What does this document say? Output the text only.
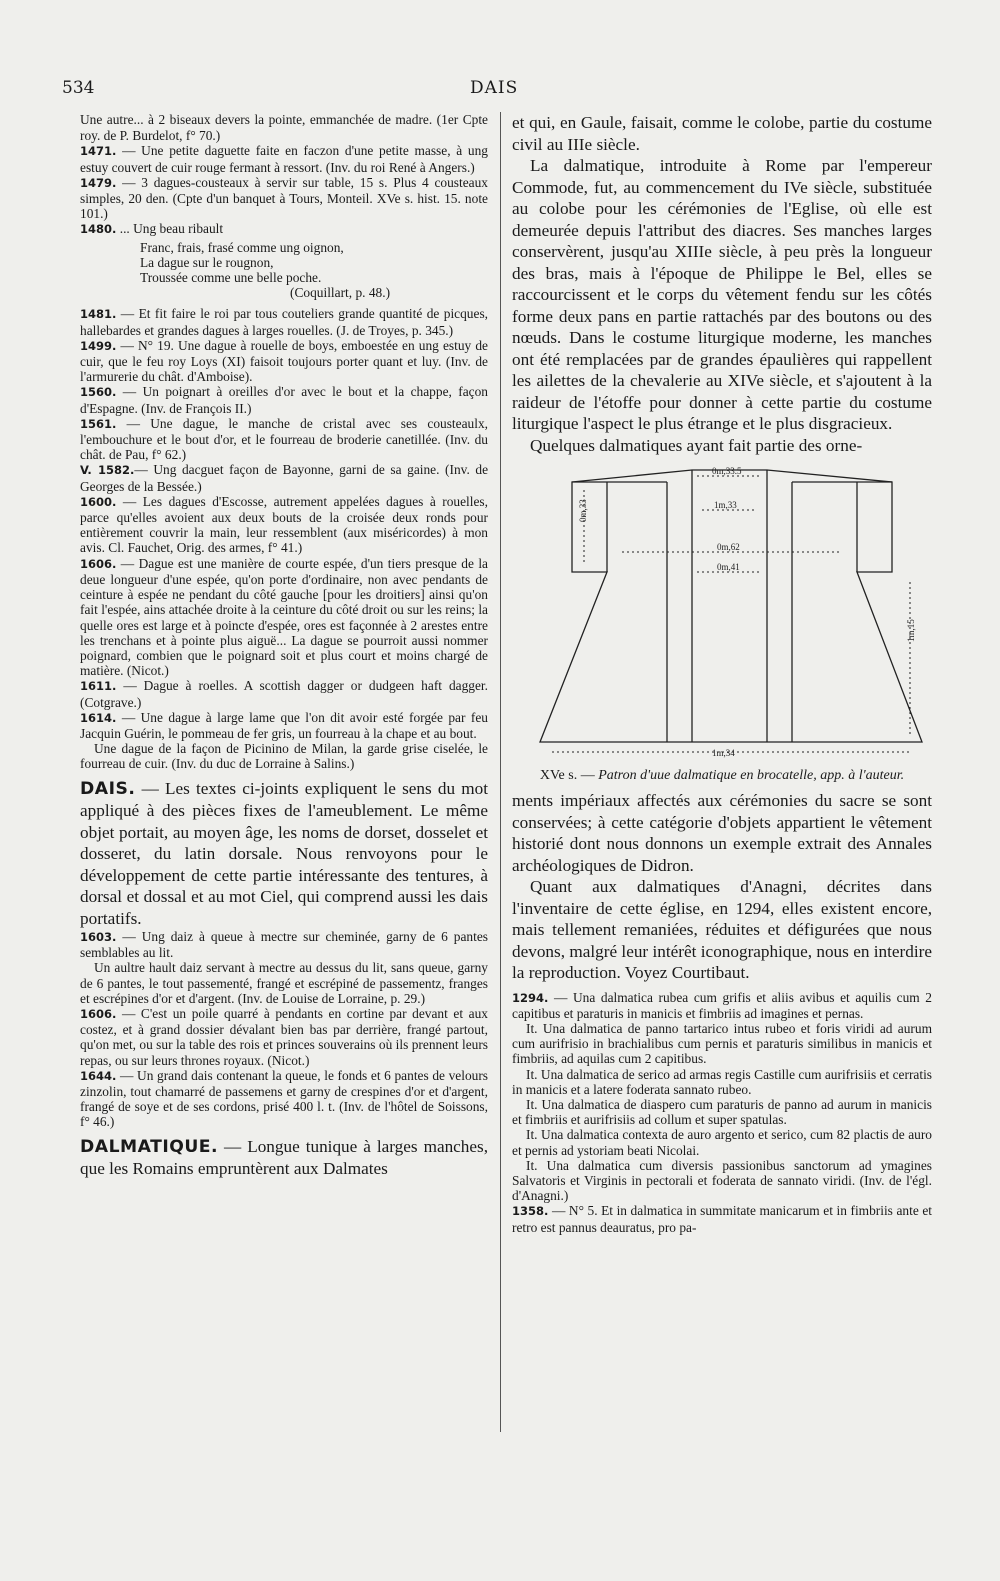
534	DAIS

Une autre... à 2 biseaux devers la pointe, emmanchée de madre. (1er Cpte roy. de P. Burdelot, f° 70.)

1471. — Une petite daguette faite en faczon d'une petite masse, à ung estuy couvert de cuir rouge fermant à ressort. (Inv. du roi René à Angers.)

1479. — 3 dagues-cousteaux à servir sur table, 15 s. Plus 4 cousteaux simples, 20 den. (Cpte d'un banquet à Tours, Monteil. XVe s. hist. 15. note 101.)

1480. ... Ung beau ribault

Franc, frais, frasé comme ung oignon,
La dague sur le rougnon,
Troussée comme une belle poche.
(Coquillart, p. 48.)

1481. — Et fit faire le roi par tous couteliers grande quantité de picques, hallebardes et grandes dagues à larges rouelles. (J. de Troyes, p. 345.)

1499. — N° 19. Une dague à rouelle de boys, emboestée en ung estuy de cuir, que le feu roy Loys (XI) faisoit toujours porter quant et luy. (Inv. de l'armurerie du chât. d'Amboise).

1560. — Un poignart à oreilles d'or avec le bout et la chappe, façon d'Espagne. (Inv. de François II.)

1561. — Une dague, le manche de cristal avec ses cousteaulx, l'embouchure et le bout d'or, et le fourreau de broderie canetillée. (Inv. du chât. de Pau, f° 62.)

V. 1582.— Ung dacguet façon de Bayonne, garni de sa gaine. (Inv. de Georges de la Bessée.)

1600. — Les dagues d'Escosse, autrement appelées dagues à rouelles, parce qu'elles avoient aux deux bouts de la croisée deux ronds pour entièrement couvrir la main, leur ressemblent (aux miséricordes) à mon avis. Cl. Fauchet, Orig. des armes, f° 41.)

1606. — Dague est une manière de courte espée, d'un tiers presque de la deue longueur d'une espée, qu'on porte d'ordinaire, non avec pendants de ceinture à espée ne pendant du côté gauche [pour les droitiers] ainsi qu'on fait l'espée, ains attachée droite à la ceinture du côté droit ou sur les reins; la quelle ores est large et à poincte d'espée, ores est façonnée à 2 arestes entre les trenchans et à pointe plus aiguë... La dague se pourroit aussi nommer poignard, combien que le poignard soit et plus court et moins chargé de matière. (Nicot.)

1611. — Dague à roelles. A scottish dagger or dudgeen haft dagger. (Cotgrave.)

1614. — Une dague à large lame que l'on dit avoir esté forgée par feu Jacquin Guérin, le pommeau de fer gris, un fourreau à la chape et au bout.

Une dague de la façon de Picinino de Milan, la garde grise ciselée, le fourreau de cuir. (Inv. du duc de Lorraine à Salins.)

DAIS. — Les textes ci-joints expliquent le sens du mot appliqué à des pièces fixes de l'ameublement. Le même objet portait, au moyen âge, les noms de dorset, dosselet et dosseret, du latin dorsale. Nous renvoyons pour le développement de cette partie intéressante des tentures, à dorsal et dossal et au mot Ciel, qui comprend aussi les dais portatifs.

1603. — Ung daiz à queue à mectre sur cheminée, garny de 6 pantes semblables au lit.

Un aultre hault daiz servant à mectre au dessus du lit, sans queue, garny de 6 pantes, le tout passementé, frangé et escrépiné de passementz, franges et escrépines d'or et d'argent. (Inv. de Louise de Lorraine, p. 29.)

1606. — C'est un poile quarré à pendants en cortine par devant et aux costez, et à grand dossier dévalant bien bas par derrière, frangé partout, qu'on met, ou sur la table des rois et princes souverains où ils prennent leurs repas, ou sur leurs thrones royaux. (Nicot.)

1644. — Un grand dais contenant la queue, le fonds et 6 pantes de velours zinzolin, tout chamarré de passemens et garny de crespines d'or et d'argent, frangé de soye et de ses cordons, prisé 400 l. t. (Inv. de l'hôtel de Soissons, f° 46.)

DALMATIQUE. — Longue tunique à larges manches, que les Romains empruntèrent aux Dalmates

et qui, en Gaule, faisait, comme le colobe, partie du costume civil au IIIe siècle.

La dalmatique, introduite à Rome par l'empereur Commode, fut, au commencement du IVe siècle, substituée au colobe pour les cérémonies de l'Eglise, où elle est demeurée depuis l'attribut des diacres. Ses manches larges conservèrent, jusqu'au XIIIe siècle, à peu près la longueur des bras, mais à l'époque de Philippe le Bel, elles se raccourcissent et le corps du vêtement fendu sur les côtés forme deux pans en partie rattachés par des boutons ou des nœuds. Dans le costume liturgique moderne, les manches ont été remplacées par de grandes épaulières qui rappellent les ailettes de la chevalerie au XIVe siècle, et s'ajoutent à la raideur de l'étoffe pour donner à cette partie du costume liturgique l'aspect le plus étrange et le plus disgracieux.

Quelques dalmatiques ayant fait partie des orne-

0m,33.5
0m,33	1m,33
0m,62
0m,41
1m,15
1m,34

XVe s. — Patron d'uue dalmatique en brocatelle, app. à l'auteur.

ments impériaux affectés aux cérémonies du sacre se sont conservées; à cette catégorie d'objets appartient le vêtement historié dont nous donnons un exemple extrait des Annales archéologiques de Didron.

Quant aux dalmatiques d'Anagni, décrites dans l'inventaire de cette église, en 1294, elles existent encore, mais tellement remaniées, réduites et défigurées que nous devons, malgré leur intérêt iconographique, nous en interdire la reproduction. Voyez Courtibaut.

1294. — Una dalmatica rubea cum grifis et aliis avibus et aquilis cum 2 capitibus et paraturis in manicis et fimbriis ad imagines et pernas.

It. Una dalmatica de panno tartarico intus rubeo et foris viridi ad aurum cum aurifrisio in brachialibus cum pernis et paraturis similibus in manicis et fimbriis, ad aquilas cum 2 capitibus.

It. Una dalmatica de serico ad armas regis Castille cum aurifrisiis et cerratis in manicis et a latere foderata sannato rubeo.

It. Una dalmatica de diaspero cum paraturis de panno ad aurum in manicis et fimbriis et aurifrisiis ad collum et super spatulas.

It. Una dalmatica contexta de auro argento et serico, cum 82 plactis de auro et pernis ad ystoriam beati Nicolai.

It. Una dalmatica cum diversis passionibus sanctorum ad ymagines Salvatoris et Virginis in pectorali et foderata de sannato viridi. (Inv. de l'égl. d'Anagni.)

1358. — N° 5. Et in dalmatica in summitate manicarum et in fimbriis ante et retro est pannus deauratus, pro pa-
